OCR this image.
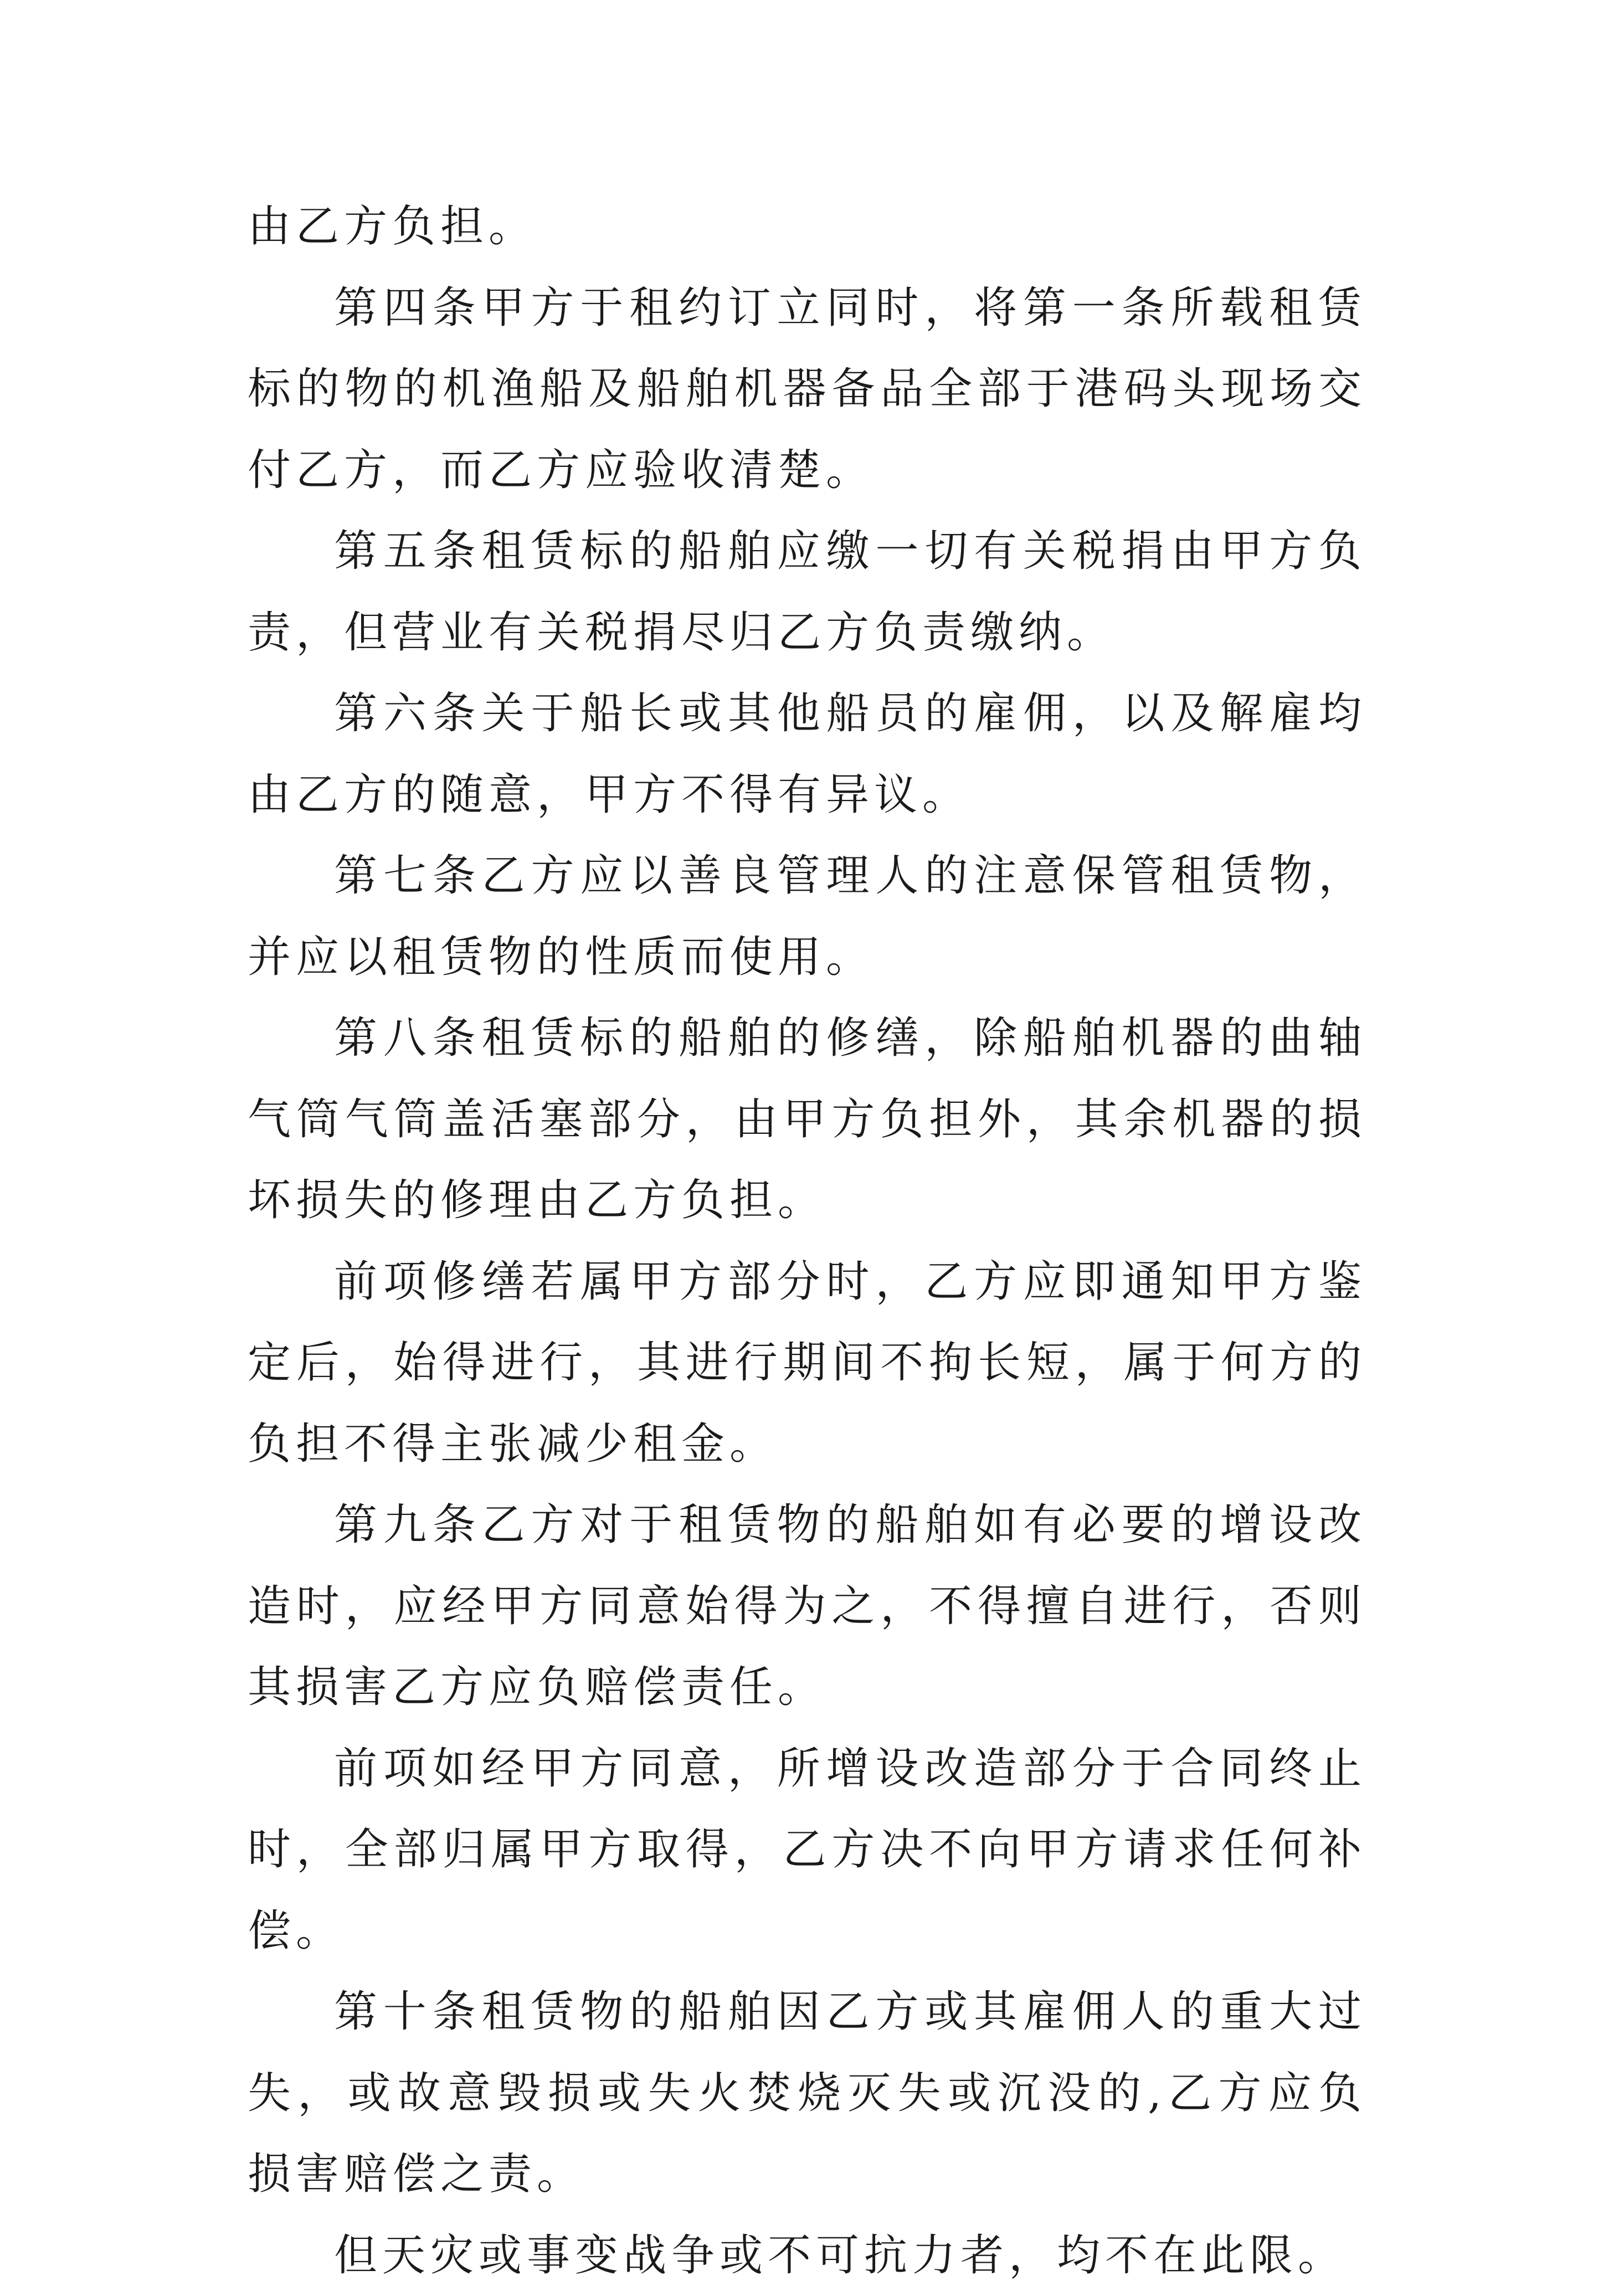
由乙方负担。

第四条甲方于租约订立同时，将第一条所载租赁标的物的机渔船及船舶机器备品全部于港码头现场交付乙方，而乙方应验收清楚。

第五条租赁标的船舶应缴一切有关税捐由甲方负责，但营业有关税捐尽归乙方负责缴纳。

第六条关于船长或其他船员的雇佣，以及解雇均由乙方的随意，甲方不得有异议。

第七条乙方应以善良管理人的注意保管租赁物，并应以租赁物的性质而使用。

第八条租赁标的船舶的修缮，除船舶机器的曲轴气筒气筒盖活塞部分，由甲方负担外，其余机器的损坏损失的修理由乙方负担。

前项修缮若属甲方部分时，乙方应即通知甲方鉴定后，始得进行，其进行期间不拘长短，属于何方的负担不得主张减少租金。

第九条乙方对于租赁物的船舶如有必要的增设改造时，应经甲方同意始得为之，不得擅自进行，否则其损害乙方应负赔偿责任。

前项如经甲方同意，所增设改造部分于合同终止时，全部归属甲方取得，乙方决不向甲方请求任何补偿。

第十条租赁物的船舶因乙方或其雇佣人的重大过失，或故意毁损或失火焚烧灭失或沉没的,乙方应负损害赔偿之责。

但天灾或事变战争或不可抗力者，均不在此限。
